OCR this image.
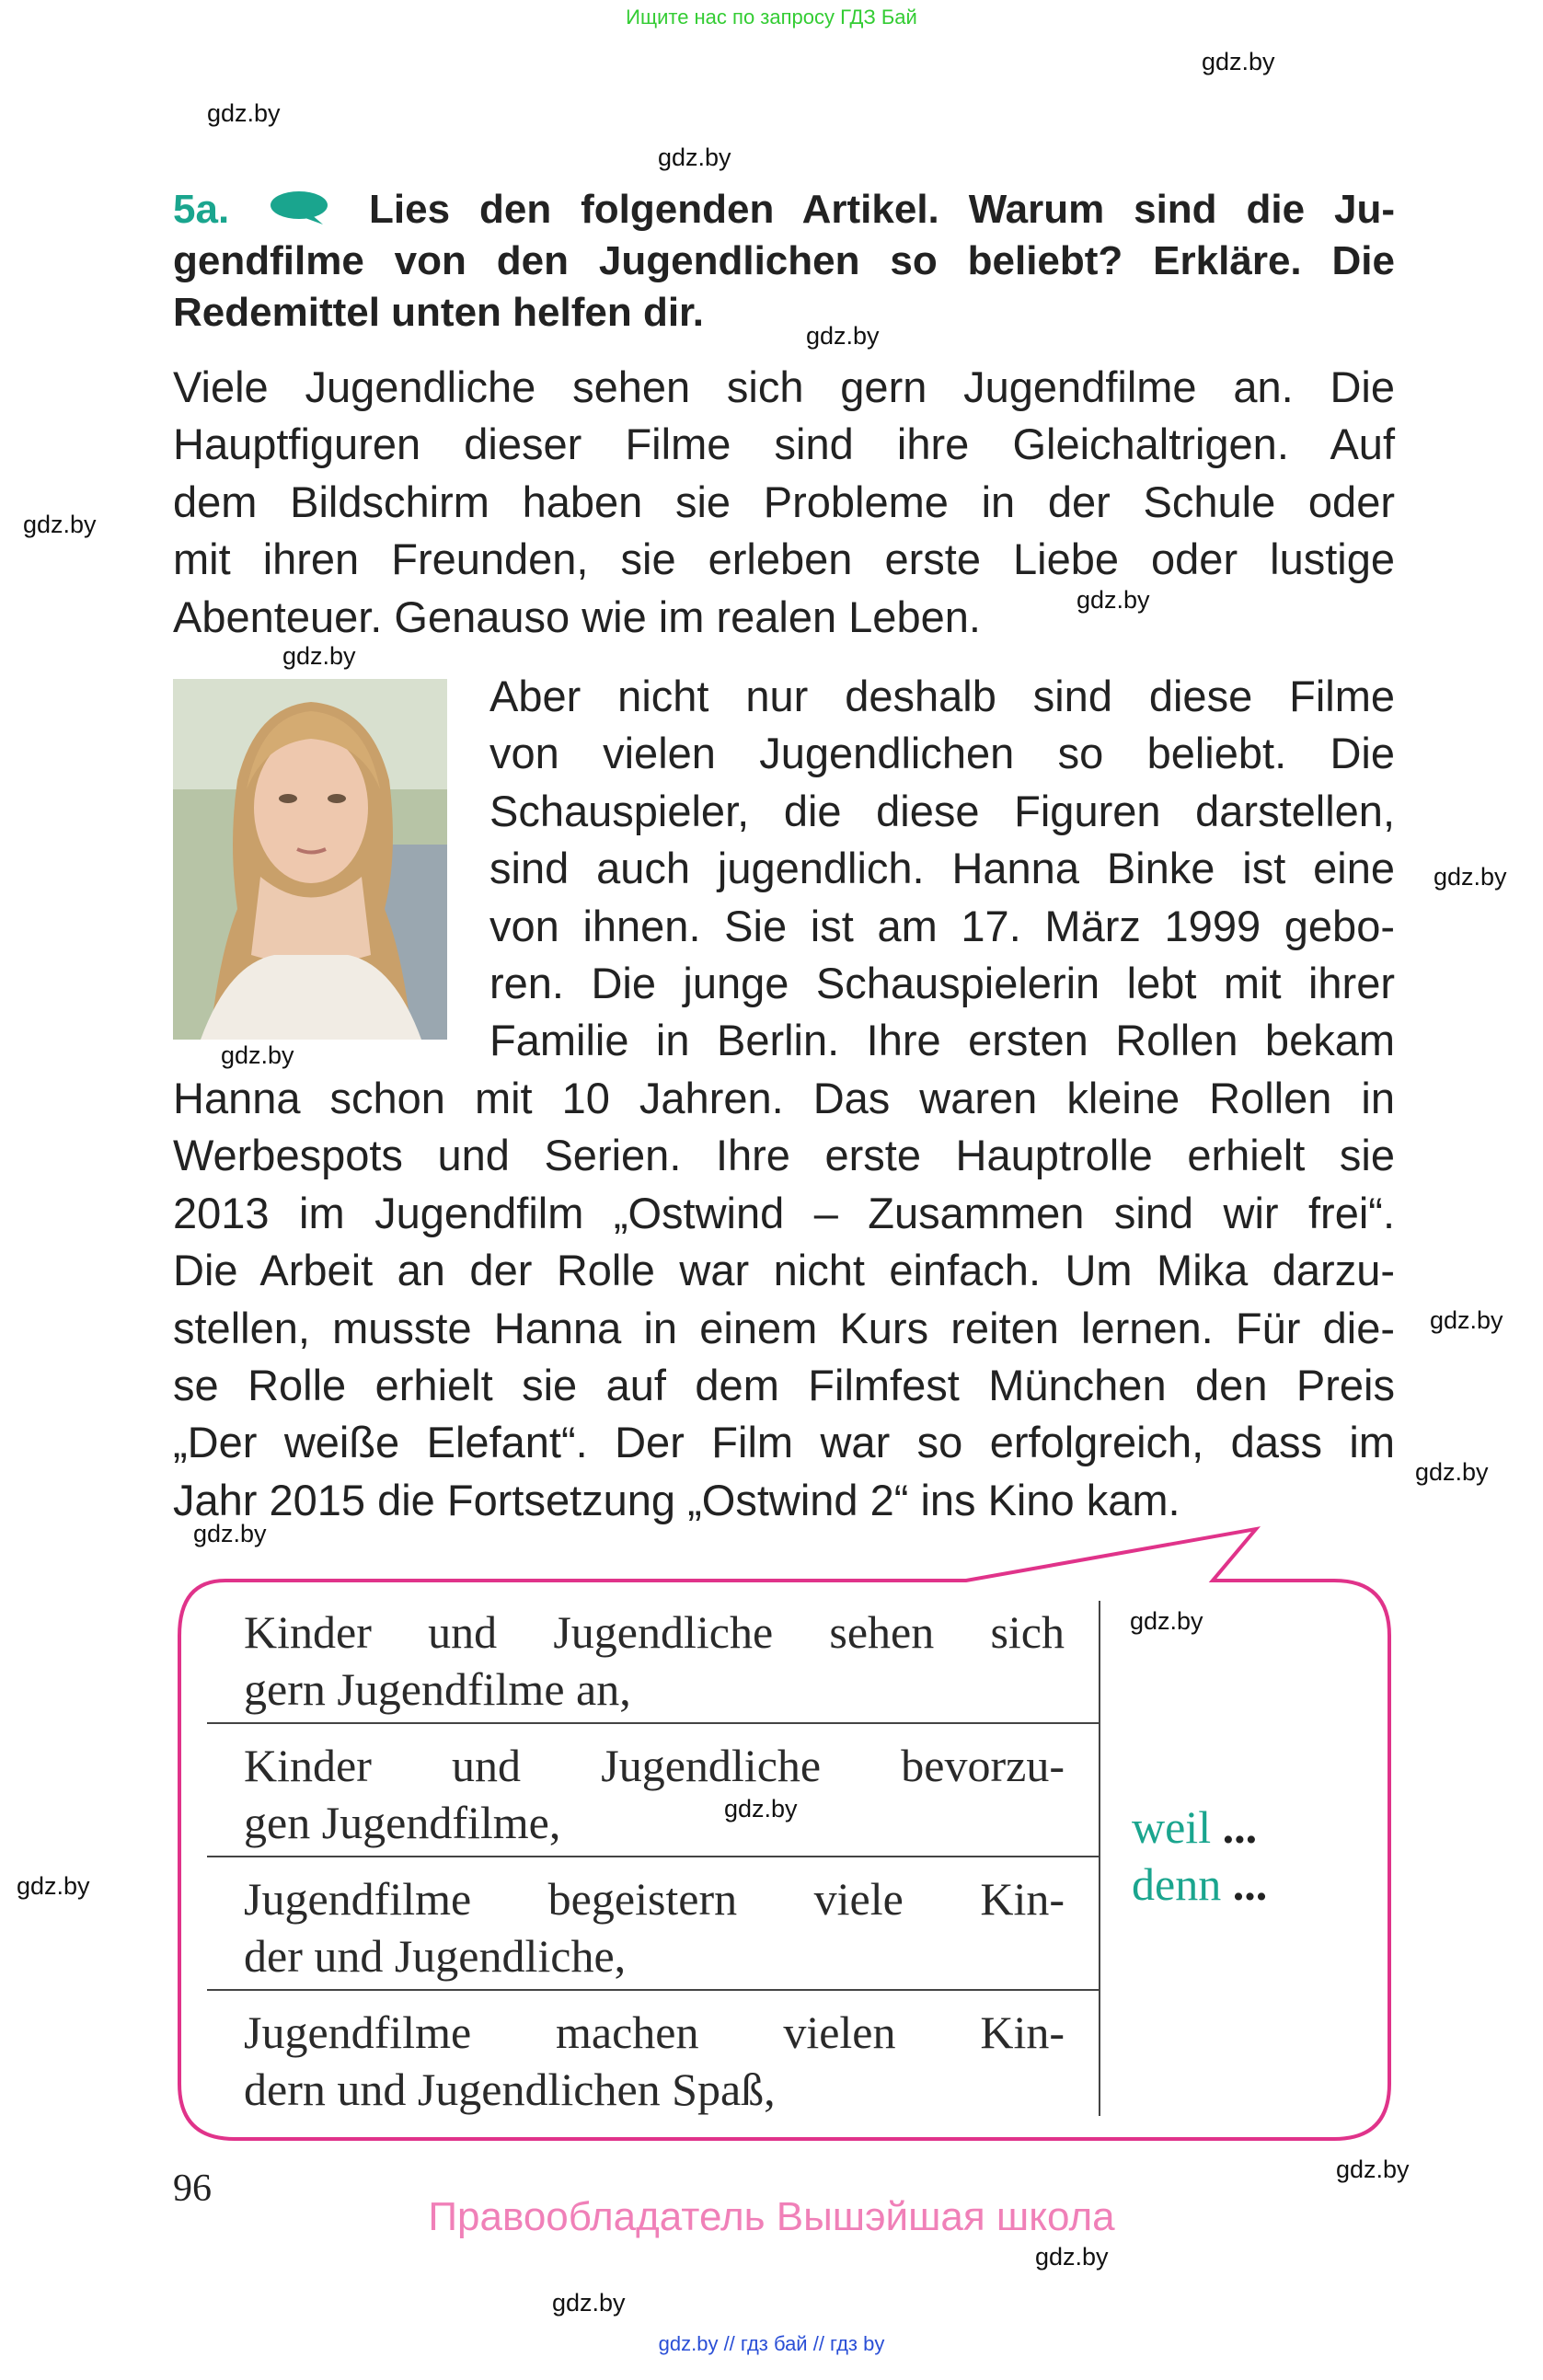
Ищите нас по запросу ГДЗ Бай
gdz.by
gdz.by
gdz.by
gdz.by
gdz.by
gdz.by
gdz.by
gdz.by
gdz.by
gdz.by
gdz.by
gdz.by
gdz.by
gdz.by
gdz.by
gdz.by
gdz.by
gdz.by
5a.	Lies den folgenden Artikel. Warum sind die Ju-
gendfilme von den Jugendlichen so beliebt? Erkläre. Die
Redemittel unten helfen dir.
Viele Jugendliche sehen sich gern Jugendfilme an. Die
Hauptfiguren dieser Filme sind ihre Gleichaltrigen. Auf
dem Bildschirm haben sie Probleme in der Schule oder
mit ihren Freunden, sie erleben erste Liebe oder lustige
Abenteuer. Genauso wie im realen Leben.
Aber nicht nur deshalb sind diese Filme
von vielen Jugendlichen so beliebt. Die
Schauspieler, die diese Figuren darstellen,
sind auch jugendlich. Hanna Binke ist eine
von ihnen. Sie ist am 17. März 1999 gebo-
ren. Die junge Schauspielerin lebt mit ihrer
Familie in Berlin. Ihre ersten Rollen bekam
Hanna schon mit 10 Jahren. Das waren kleine Rollen in
Werbespots und Serien. Ihre erste Hauptrolle erhielt sie
2013 im Jugendfilm „Ostwind – Zusammen sind wir frei“.
Die Arbeit an der Rolle war nicht einfach. Um Mika darzu-
stellen, musste Hanna in einem Kurs reiten lernen. Für die-
se Rolle erhielt sie auf dem Filmfest München den Preis
„Der weiße Elefant“. Der Film war so erfolgreich, dass im
Jahr 2015 die Fortsetzung „Ostwind 2“ ins Kino kam.
Kinder und Jugendliche sehen sich
gern Jugendfilme an,
Kinder und Jugendliche bevorzu-
gen Jugendfilme,
Jugendfilme begeistern viele Kin-
der und Jugendliche,
Jugendfilme machen vielen Kin-
dern und Jugendlichen Spaß,
weil ...
denn ...
96
Правообладатель Вышэйшая школа
gdz.by // гдз бай // гдз by
